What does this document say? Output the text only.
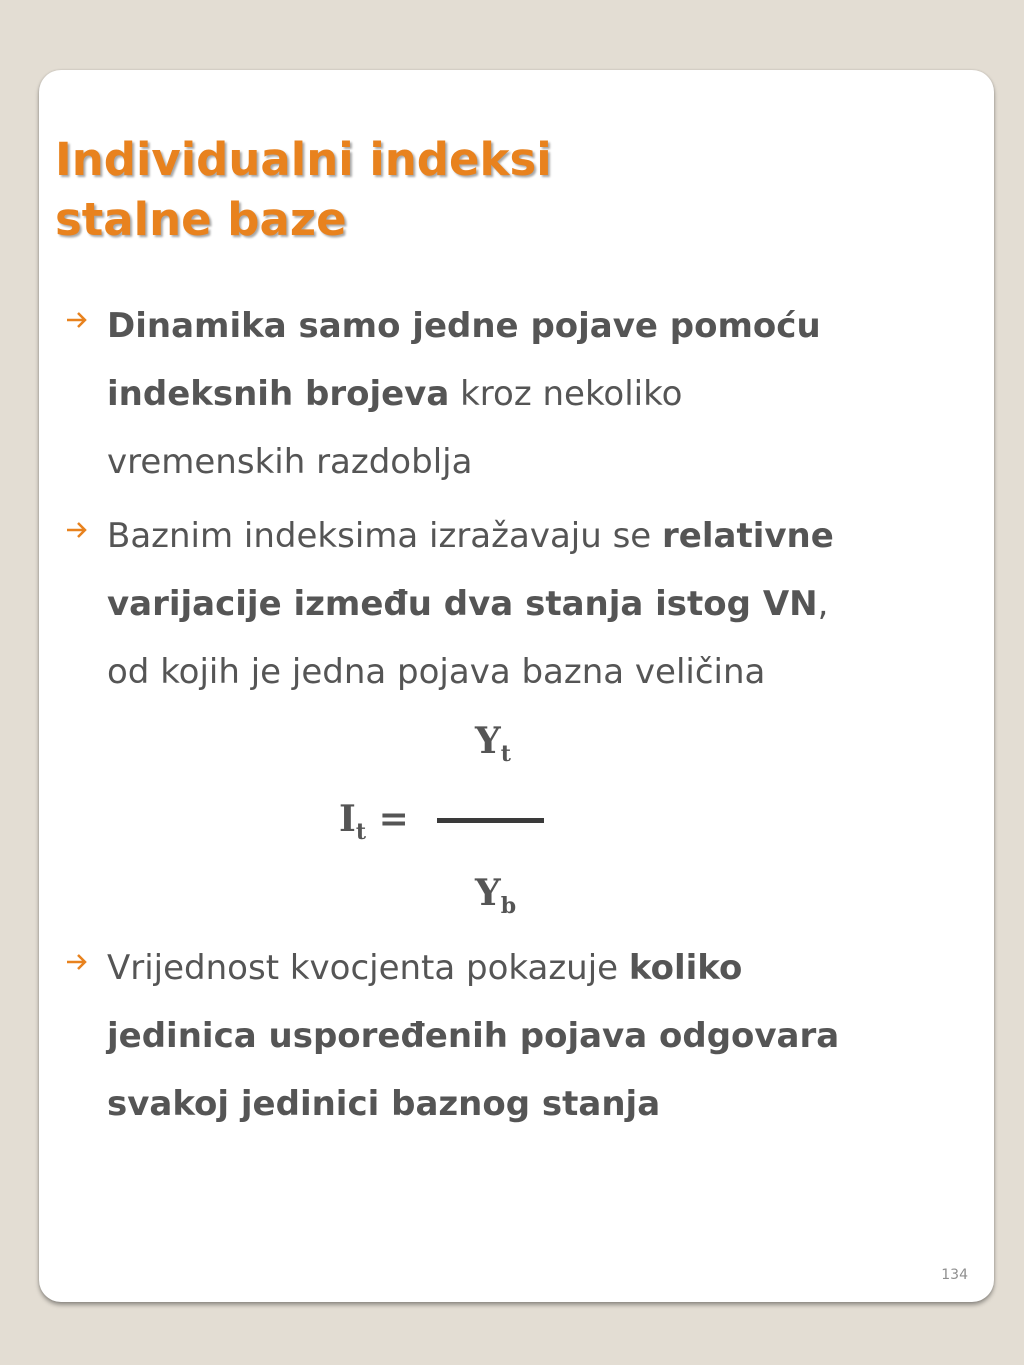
Individualni indeksi
stalne baze
Dinamika samo jedne pojave pomoću
indeksnih brojeva kroz nekoliko
vremenskih razdoblja
Baznim indeksima izražavaju se relativne
varijacije između dva stanja istog VN,
od kojih je jedna pojava bazna veličina
$Y_t$
$I_t$ =
$Y_b$
Vrijednost kvocjenta pokazuje koliko
jedinica uspoređenih pojava odgovara
svakoj jedinici baznog stanja
134
